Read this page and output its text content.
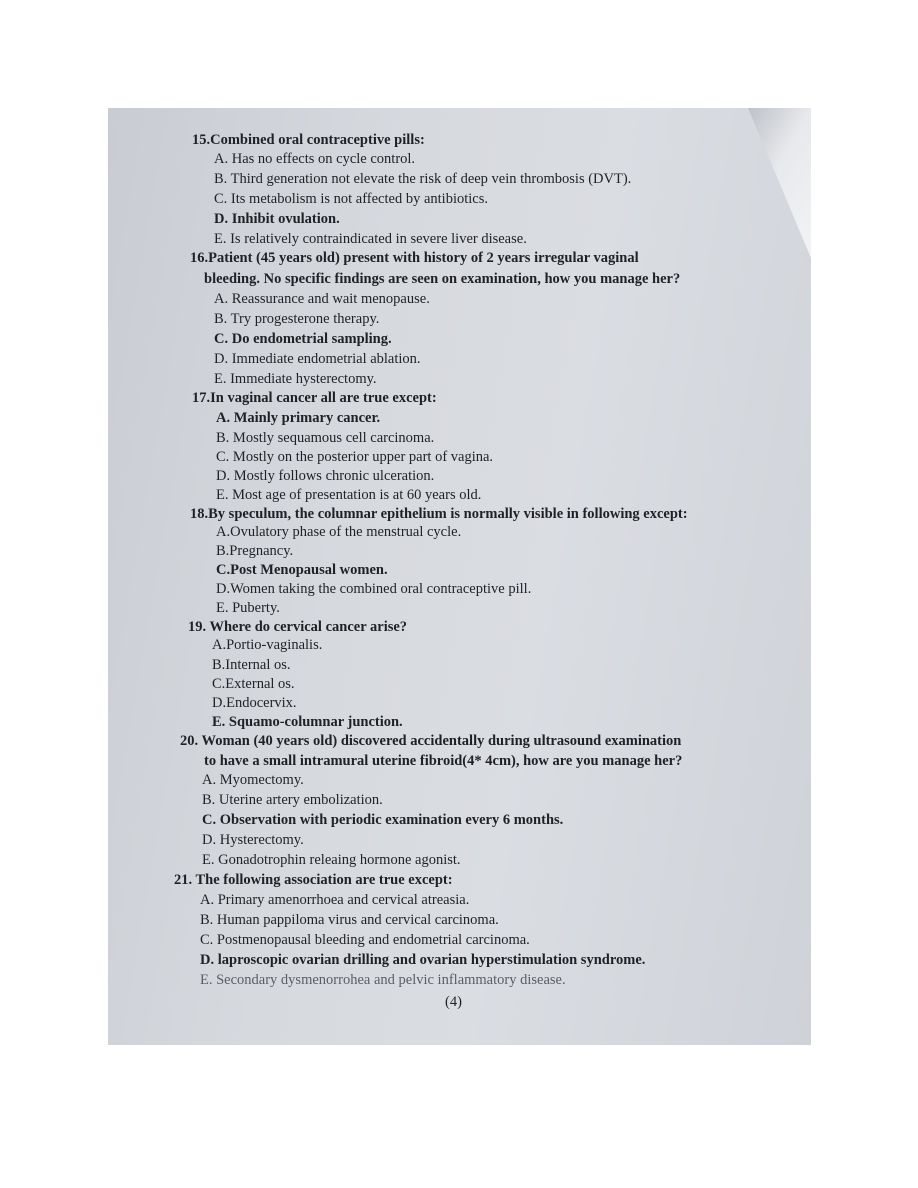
15.Combined oral contraceptive pills:
A. Has no effects on cycle control.
B. Third generation not elevate the risk of deep vein thrombosis (DVT).
C. Its metabolism is not affected by antibiotics.
D. Inhibit ovulation.
E. Is relatively contraindicated in severe liver disease.
16.Patient (45 years old) present with history of 2 years irregular vaginal
bleeding. No specific findings are seen on examination, how you manage her?
A. Reassurance and wait menopause.
B. Try progesterone therapy.
C. Do endometrial sampling.
D. Immediate endometrial ablation.
E. Immediate hysterectomy.
17.In vaginal cancer all are true except:
A. Mainly primary cancer.
B. Mostly sequamous cell carcinoma.
C. Mostly on the posterior upper part of vagina.
D. Mostly follows chronic ulceration.
E. Most age of presentation is at 60 years old.
18.By speculum, the columnar epithelium is normally visible in following except:
A.Ovulatory phase of the menstrual cycle.
B.Pregnancy.
C.Post Menopausal women.
D.Women taking the combined oral contraceptive pill.
E. Puberty.
19. Where do cervical cancer arise?
A.Portio-vaginalis.
B.Internal os.
C.External os.
D.Endocervix.
E. Squamo-columnar junction.
20. Woman (40 years old) discovered accidentally during ultrasound examination
to have a small intramural uterine fibroid(4* 4cm), how are you manage her?
A. Myomectomy.
B. Uterine artery embolization.
C. Observation with periodic examination every 6 months.
D. Hysterectomy.
E. Gonadotrophin releaing hormone agonist.
21. The following association are true except:
A. Primary amenorrhoea and cervical atreasia.
B. Human pappiloma virus and cervical carcinoma.
C. Postmenopausal bleeding and endometrial carcinoma.
D. laproscopic ovarian drilling and ovarian hyperstimulation syndrome.
E. Secondary dysmenorrohea and pelvic inflammatory disease.
(4)
